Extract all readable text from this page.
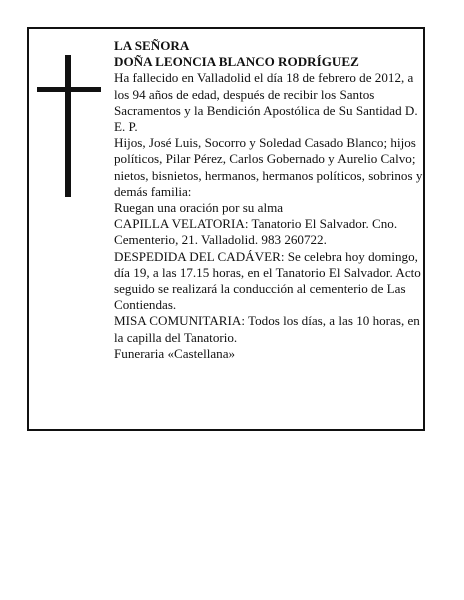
LA SEÑORA

DOÑA LEONCIA BLANCO RODRÍGUEZ

Ha fallecido en Valladolid el día 18 de febrero de 2012, a los 94 años de edad, después de recibir los Santos Sacramentos y la Bendición Apostólica de Su Santidad D. E. P.

Hijos, José Luis, Socorro y Soledad Casado Blanco; hijos políticos, Pilar Pérez, Carlos Gobernado y Aurelio Calvo; nietos, bisnietos, hermanos, hermanos políticos, sobrinos y demás familia:

Ruegan una oración por su alma

CAPILLA VELATORIA: Tanatorio El Salvador. Cno. Cementerio, 21. Valladolid. 983 260722.

DESPEDIDA DEL CADÁVER: Se celebra hoy domingo, día 19, a las 17.15 horas, en el Tanatorio El Salvador. Acto seguido se realizará la conducción al cementerio de Las Contiendas.

MISA COMUNITARIA: Todos los días, a las 10 horas, en la capilla del Tanatorio.

Funeraria «Castellana»
